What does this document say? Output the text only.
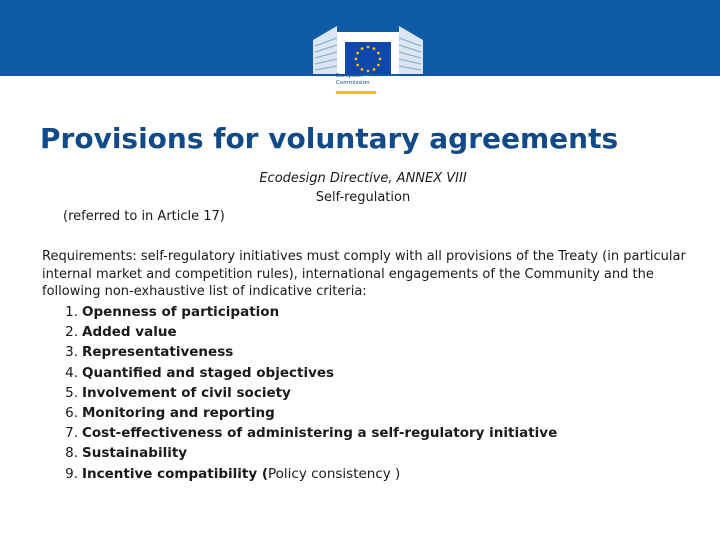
European
Commission
Provisions for voluntary agreements
Ecodesign Directive, ANNEX VIII
Self-regulation
(referred to in Article 17)
Requirements: self-regulatory initiatives must comply with all provisions of the Treaty (in particular internal market and competition rules), international engagements of the Community and the following non-exhaustive list of indicative criteria:
1. Openness of participation
2. Added value
3. Representativeness
4. Quantified and staged objectives
5. Involvement of civil society
6. Monitoring and reporting
7. Cost-effectiveness of administering a self-regulatory initiative
8. Sustainability
9. Incentive compatibility (Policy consistency )
